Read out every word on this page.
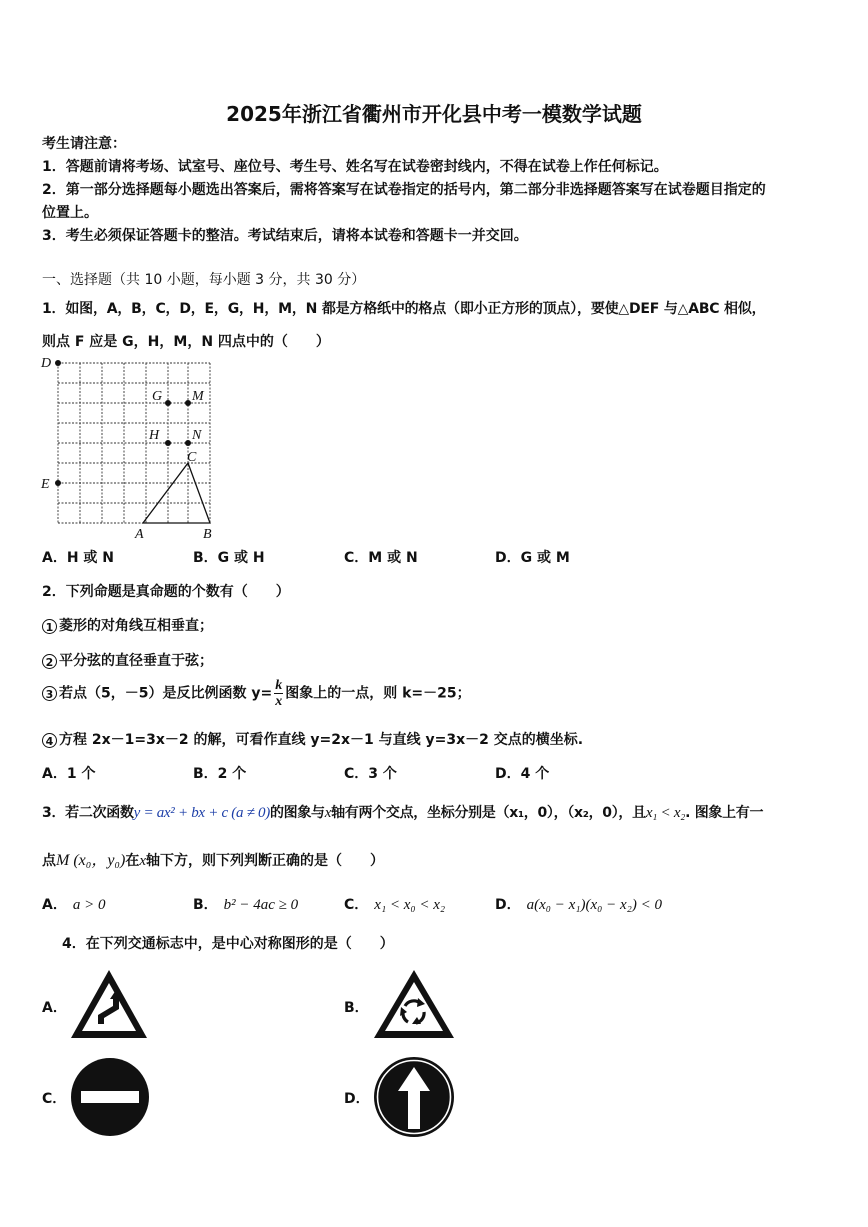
2025年浙江省衢州市开化县中考一模数学试题
考生请注意：
1．答题前请将考场、试室号、座位号、考生号、姓名写在试卷密封线内，不得在试卷上作任何标记。
2．第一部分选择题每小题选出答案后，需将答案写在试卷指定的括号内，第二部分非选择题答案写在试卷题目指定的
位置上。
3．考生必须保证答题卡的整洁。考试结束后，请将本试卷和答题卡一并交回。
一、选择题（共 10 小题，每小题 3 分，共 30 分）
1．如图，A，B，C，D，E，G，H，M，N 都是方格纸中的格点（即小正方形的顶点），要使△DEF 与△ABC 相似，
则点 F 应是 G，H，M，N 四点中的（　　）
D
E
G M
H N
C
A	B
A．H 或 N	B．G 或 H	C．M 或 N	D．G 或 M
2．下列命题是真命题的个数有（　　）
1 菱形的对角线互相垂直；
2 平分弦的直径垂直于弦；
3 若点（5，－5）是反比例函数 $y= \frac{k}{x}$ 图象上的一点，则 k=－25；
4 方程 2x－1=3x－2 的解，可看作直线 y=2x－1 与直线 y=3x－2 交点的横坐标.
A．1 个	B．2 个	C．3 个	D．4 个
3．若二次函数y = ax² + bx + c (a ≠ 0)的图象与x轴有两个交点，坐标分别是（x₁，0），（x₂，0），且x₁ < x₂. 图象上有一
点M (x₀，y₀)在x轴下方，则下列判断正确的是（　　）
A． a > 0	B． b² − 4ac ≥ 0	C． x₁ < x₀ < x₂	D． a(x₀ − x₁)(x₀ − x₂) < 0
4．在下列交通标志中，是中心对称图形的是（　　）
A．	B．
C．	D．
